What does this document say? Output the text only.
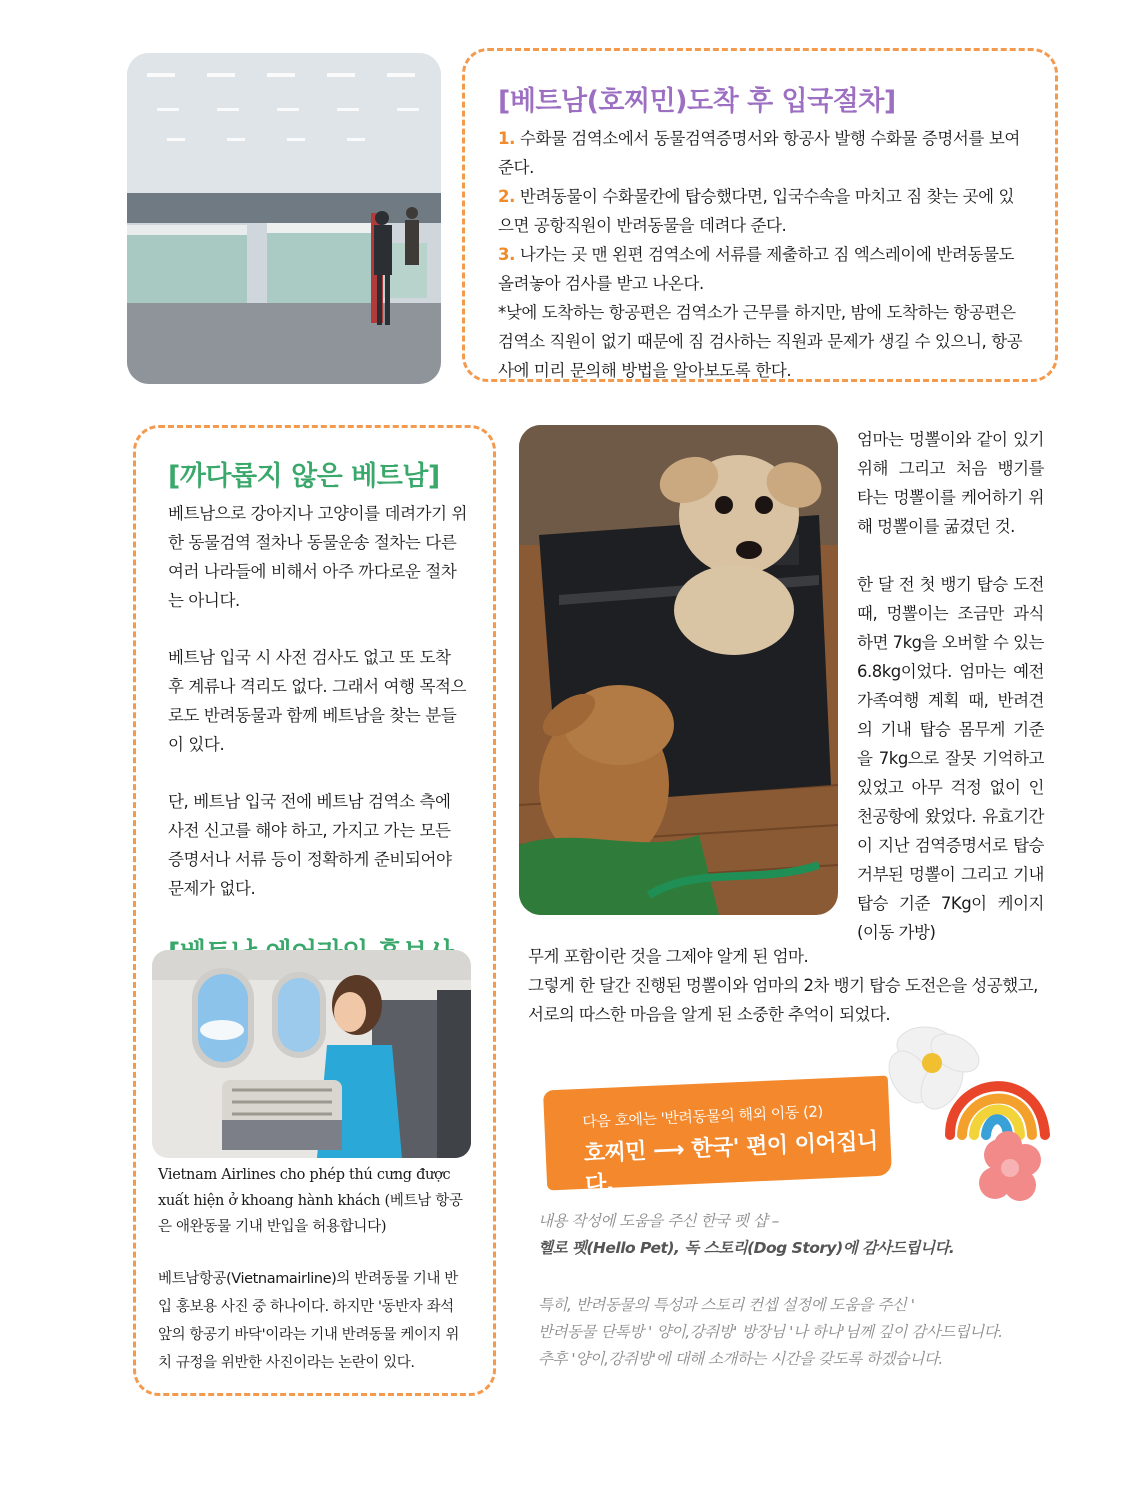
[베트남(호찌민)도착 후 입국절차]

1. 수화물 검역소에서 동물검역증명서와 항공사 발행 수화물 증명서를 보여준다.

2. 반려동물이 수화물칸에 탑승했다면, 입국수속을 마치고 짐 찾는 곳에 있으면 공항직원이 반려동물을 데려다 준다.

3. 나가는 곳 맨 왼편 검역소에 서류를 제출하고 짐 엑스레이에 반려동물도 올려놓아 검사를 받고 나온다.

*낮에 도착하는 항공편은 검역소가 근무를 하지만, 밤에 도착하는 항공편은 검역소 직원이 없기 때문에 짐 검사하는 직원과 문제가 생길 수 있으니, 항공사에 미리 문의해 방법을 알아보도록 한다.

[까다롭지 않은 베트남]

베트남으로 강아지나 고양이를 데려가기 위한 동물검역 절차나 동물운송 절차는 다른 여러 나라들에 비해서 아주 까다로운 절차는 아니다.

베트남 입국 시 사전 검사도 없고 또 도착 후 계류나 격리도 없다. 그래서 여행 목적으로도 반려동물과 함께 베트남을 찾는 분들이 있다.

단, 베트남 입국 전에 베트남 검역소 측에 사전 신고를 해야 하고, 가지고 가는 모든 증명서나 서류 등이 정확하게 준비되어야 문제가 없다.

Vietnam Airlines cho phép thú cưng được xuất hiện ở khoang hành khách (베트남 항공은 애완동물 기내 반입을 허용합니다)

베트남항공(Vietnamairline)의 반려동물 기내 반입 홍보용 사진 중 하나이다. 하지만 '동반자 좌석 앞의 항공기 바닥'이라는 기내 반려동물 케이지 위치 규정을 위반한 사진이라는 논란이 있다.

엄마는 멍뽈이와 같이 있기 위해 그리고 처음 뱅기를 타는 멍뽈이를 케어하기 위해 멍뽈이를 굶겼던 것.

한 달 전 첫 뱅기 탑승 도전 때, 멍뽈이는 조금만 과식하면 7kg을 오버할 수 있는 6.8kg이었다. 엄마는 예전 가족여행 계획 때, 반려견의 기내 탑승 몸무게 기준을 7kg으로 잘못 기억하고 있었고 아무 걱정 없이 인천공항에 왔었다. 유효기간이 지난 검역증명서로 탑승 거부된 멍뽈이 그리고 기내 탑승 기준 7Kg이 케이지(이동 가방)

무게 포함이란 것을 그제야 알게 된 엄마.

그렇게 한 달간 진행된 멍뽈이와 엄마의 2차 뱅기 탑승 도전은을 성공했고,

서로의 따스한 마음을 알게 된 소중한 추억이 되었다.

다음 호에는 '반려동물의 해외 이동 (2)
호찌민 ⟶ 한국' 편이 이어집니다.

내용 작성에 도움을 주신 한국 펫 샵 –

헬로 펫(Hello Pet), 독 스토리(Dog Story)에 감사드립니다.

특히, 반려동물의 특성과 스토리 컨셉 설정에 도움을 주신 '

반려동물 단톡방 ' 양이,강쥐방' 방장님 '나 하나'님께 깊이 감사드립니다.

추후 '양이,강쥐방'에 대해 소개하는 시간을 갖도록 하겠습니다.
